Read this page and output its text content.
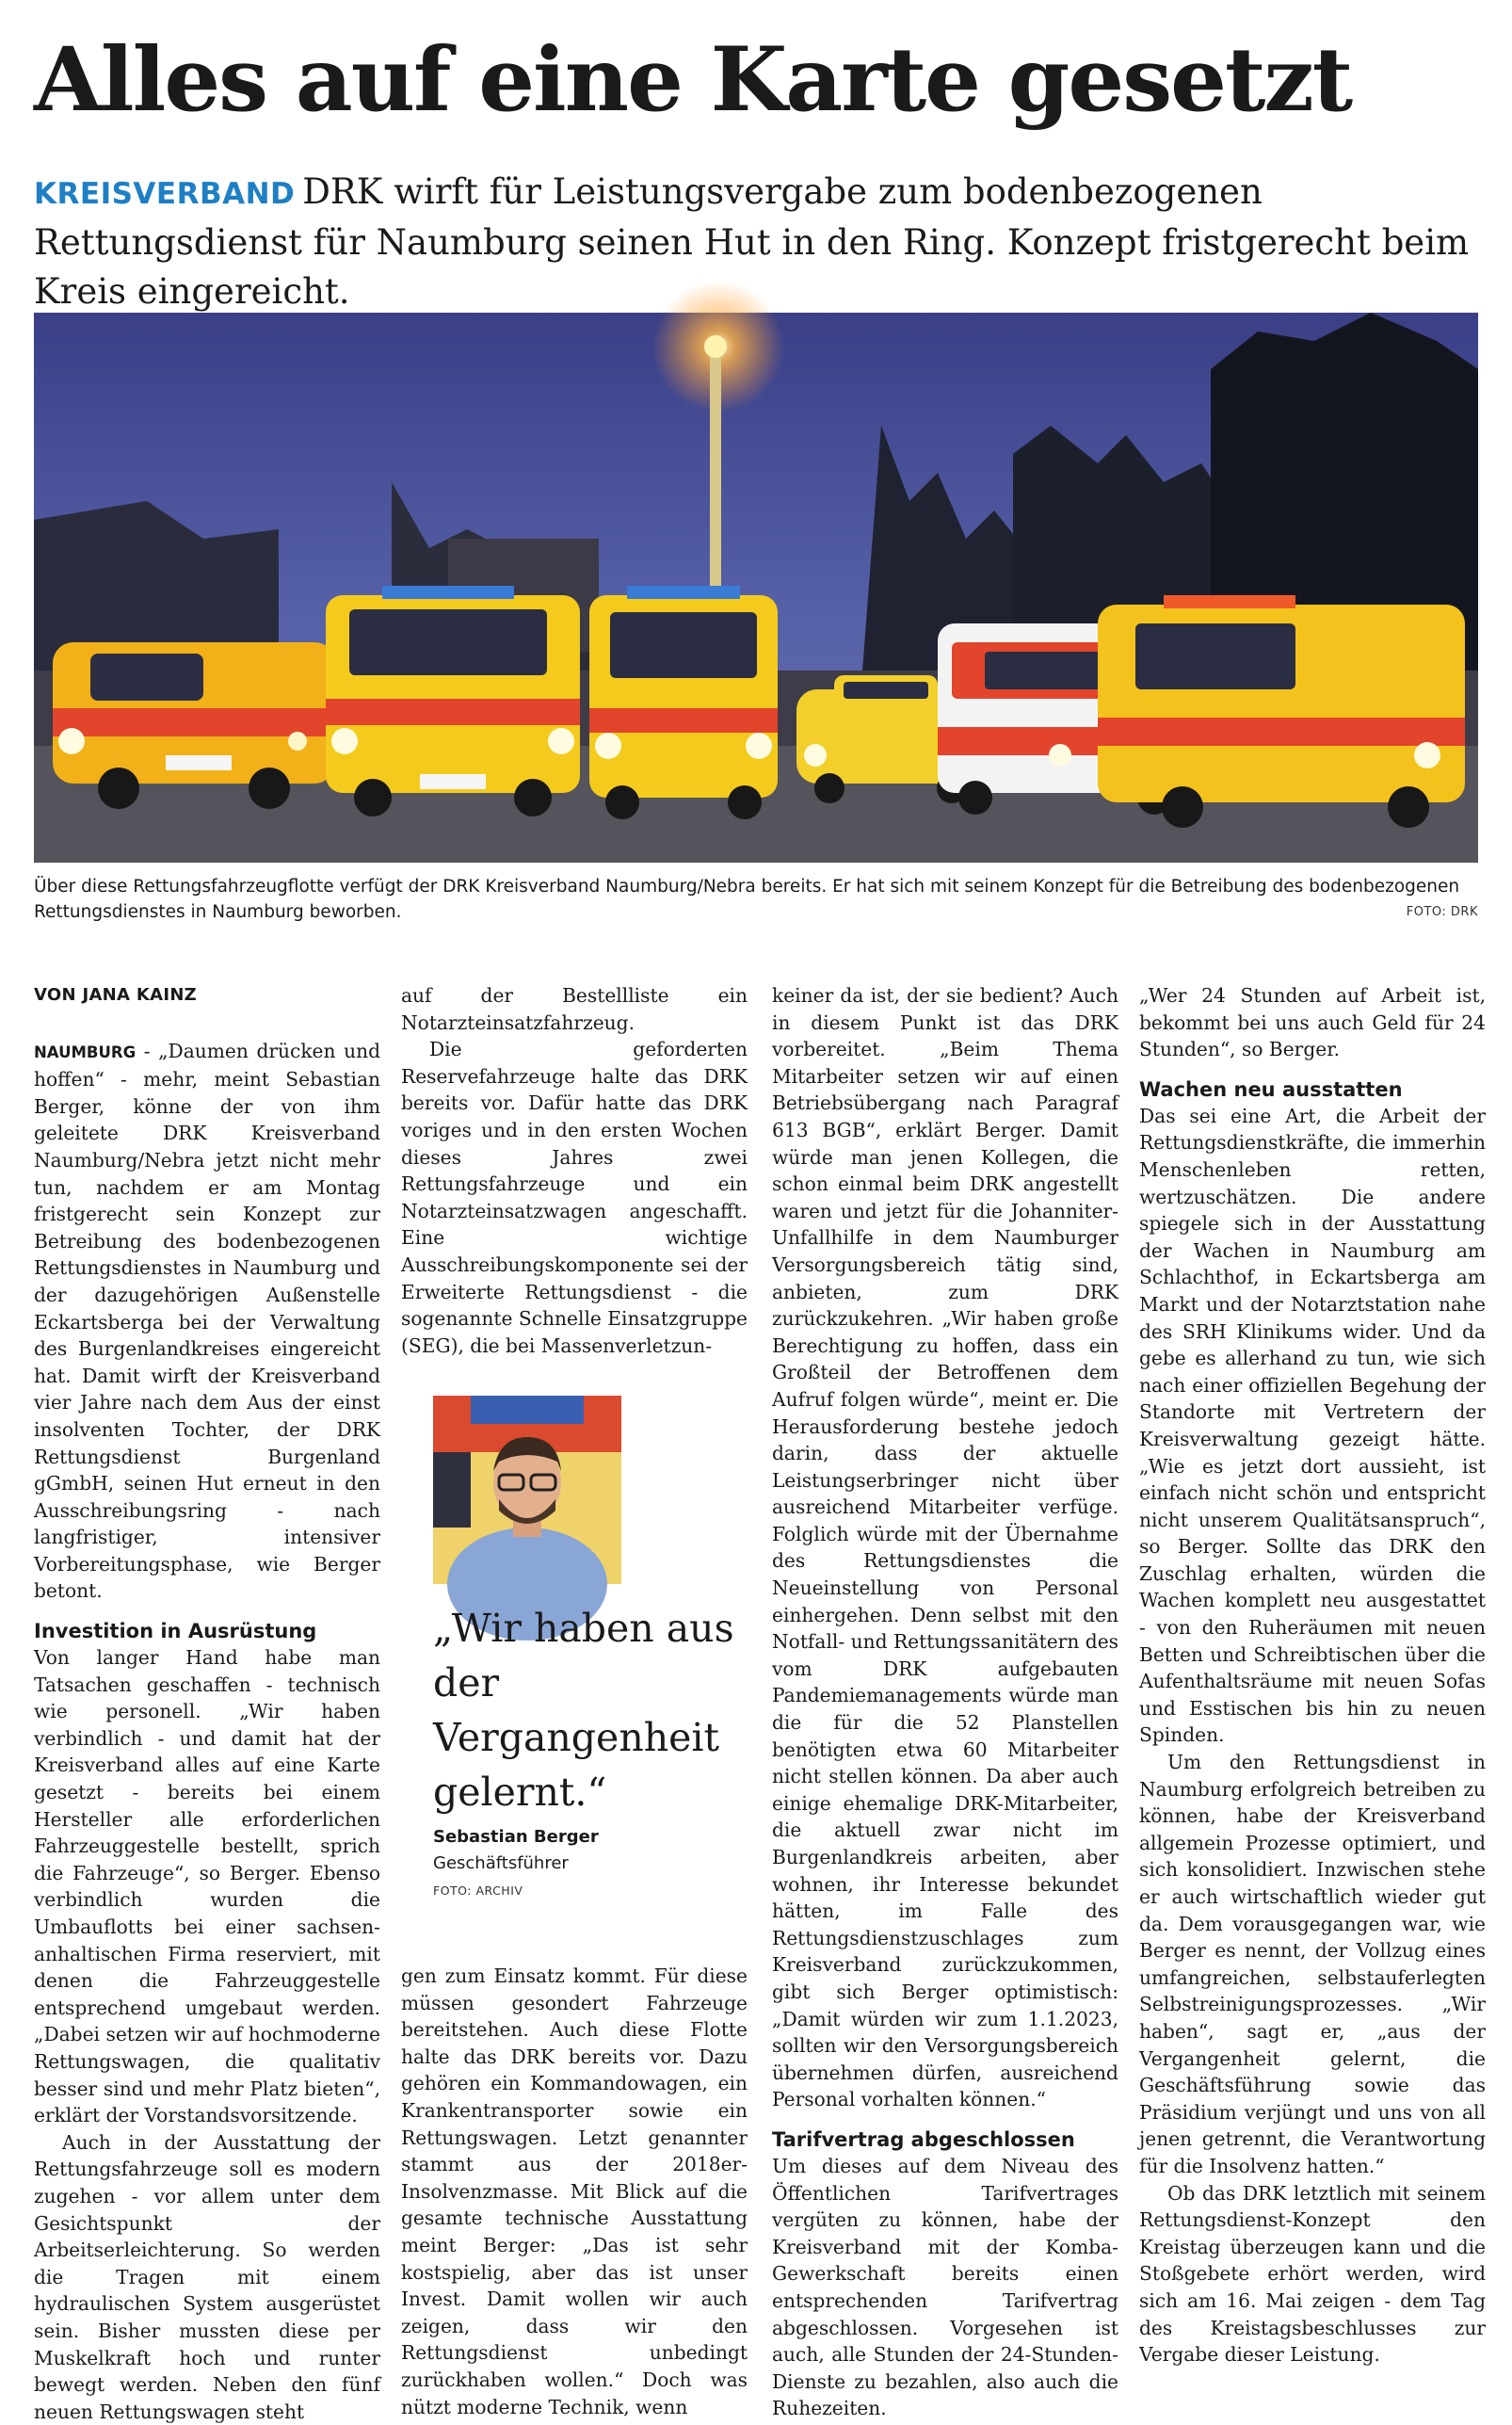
Alles auf eine Karte gesetzt
KREISVERBAND DRK wirft für Leistungsvergabe zum bodenbezogenen Rettungsdienst für Naumburg seinen Hut in den Ring. Konzept fristgerecht beim Kreis eingereicht.
Über diese Rettungsfahrzeugflotte verfügt der DRK Kreisverband Naumburg/Nebra bereits. Er hat sich mit seinem Konzept für die Betreibung des bodenbezogenen Rettungsdienstes in Naumburg beworben.	FOTO: DRK
VON JANA KAINZ

NAUMBURG - „Daumen drücken und hoffen“ - mehr, meint Sebastian Berger, könne der von ihm geleitete DRK Kreisverband Naumburg/Nebra jetzt nicht mehr tun, nachdem er am Montag fristgerecht sein Konzept zur Betreibung des bodenbezogenen Rettungsdienstes in Naumburg und der dazugehörigen Außenstelle Eckartsberga bei der Verwaltung des Burgenlandkreises eingereicht hat. Damit wirft der Kreisverband vier Jahre nach dem Aus der einst insolventen Tochter, der DRK Rettungsdienst Burgenland gGmbH, seinen Hut erneut in den Ausschreibungsring - nach langfristiger, intensiver Vorbereitungsphase, wie Berger betont.

Investition in Ausrüstung

Von langer Hand habe man Tatsachen geschaffen - technisch wie personell. „Wir haben verbindlich - und damit hat der Kreisverband alles auf eine Karte gesetzt - bereits bei einem Hersteller alle erforderlichen Fahrzeuggestelle bestellt, sprich die Fahrzeuge“, so Berger. Ebenso verbindlich wurden die Umbauflotts bei einer sachsen-anhaltischen Firma reserviert, mit denen die Fahrzeuggestelle entsprechend umgebaut werden. „Dabei setzen wir auf hochmoderne Rettungswagen, die qualitativ besser sind und mehr Platz bieten“, erklärt der Vorstandsvorsitzende.

Auch in der Ausstattung der Rettungsfahrzeuge soll es modern zugehen - vor allem unter dem Gesichtspunkt der Arbeitserleichterung. So werden die Tragen mit einem hydraulischen System ausgerüstet sein. Bisher mussten diese per Muskelkraft hoch und runter bewegt werden. Neben den fünf neuen Rettungswagen steht

auf der Bestellliste ein Notarzteinsatzfahrzeug.

Die geforderten Reservefahrzeuge halte das DRK bereits vor. Dafür hatte das DRK voriges und in den ersten Wochen dieses Jahres zwei Rettungsfahrzeuge und ein Notarzteinsatzwagen angeschafft. Eine wichtige Ausschreibungskomponente sei der Erweiterte Rettungsdienst - die sogenannte Schnelle Einsatzgruppe (SEG), die bei Massenverletzun-

„Wir haben aus der Vergangenheit gelernt.“
Sebastian Berger
Geschäftsführer
FOTO: ARCHIV

gen zum Einsatz kommt. Für diese müssen gesondert Fahrzeuge bereitstehen. Auch diese Flotte halte das DRK bereits vor. Dazu gehören ein Kommandowagen, ein Krankentransporter sowie ein Rettungswagen. Letzt genannter stammt aus der 2018er-Insolvenzmasse. Mit Blick auf die gesamte technische Ausstattung meint Berger: „Das ist sehr kostspielig, aber das ist unser Invest. Damit wollen wir auch zeigen, dass wir den Rettungsdienst unbedingt zurückhaben wollen.“ Doch was nützt moderne Technik, wenn

keiner da ist, der sie bedient? Auch in diesem Punkt ist das DRK vorbereitet. „Beim Thema Mitarbeiter setzen wir auf einen Betriebsübergang nach Paragraf 613 BGB“, erklärt Berger. Damit würde man jenen Kollegen, die schon einmal beim DRK angestellt waren und jetzt für die Johanniter-Unfallhilfe in dem Naumburger Versorgungsbereich tätig sind, anbieten, zum DRK zurückzukehren. „Wir haben große Berechtigung zu hoffen, dass ein Großteil der Betroffenen dem Aufruf folgen würde“, meint er. Die Herausforderung bestehe jedoch darin, dass der aktuelle Leistungserbringer nicht über ausreichend Mitarbeiter verfüge. Folglich würde mit der Übernahme des Rettungsdienstes die Neueinstellung von Personal einhergehen. Denn selbst mit den Notfall- und Rettungssanitätern des vom DRK aufgebauten Pandemiemanagements würde man die für die 52 Planstellen benötigten etwa 60 Mitarbeiter nicht stellen können. Da aber auch einige ehemalige DRK-Mitarbeiter, die aktuell zwar nicht im Burgenlandkreis arbeiten, aber wohnen, ihr Interesse bekundet hätten, im Falle des Rettungsdienstzuschlages zum Kreisverband zurückzukommen, gibt sich Berger optimistisch: „Damit würden wir zum 1.1.2023, sollten wir den Versorgungsbereich übernehmen dürfen, ausreichend Personal vorhalten können.“

Tarifvertrag abgeschlossen

Um dieses auf dem Niveau des Öffentlichen Tarifvertrages vergüten zu können, habe der Kreisverband mit der Komba-Gewerkschaft bereits einen entsprechenden Tarifvertrag abgeschlossen. Vorgesehen ist auch, alle Stunden der 24-Stunden-Dienste zu bezahlen, also auch die Ruhezeiten.

„Wer 24 Stunden auf Arbeit ist, bekommt bei uns auch Geld für 24 Stunden“, so Berger.

Wachen neu ausstatten

Das sei eine Art, die Arbeit der Rettungsdienstkräfte, die immerhin Menschenleben retten, wertzuschätzen. Die andere spiegele sich in der Ausstattung der Wachen in Naumburg am Schlachthof, in Eckartsberga am Markt und der Notarztstation nahe des SRH Klinikums wider. Und da gebe es allerhand zu tun, wie sich nach einer offiziellen Begehung der Standorte mit Vertretern der Kreisverwaltung gezeigt hätte. „Wie es jetzt dort aussieht, ist einfach nicht schön und entspricht nicht unserem Qualitätsanspruch“, so Berger. Sollte das DRK den Zuschlag erhalten, würden die Wachen komplett neu ausgestattet - von den Ruheräumen mit neuen Betten und Schreibtischen über die Aufenthaltsräume mit neuen Sofas und Esstischen bis hin zu neuen Spinden.

Um den Rettungsdienst in Naumburg erfolgreich betreiben zu können, habe der Kreisverband allgemein Prozesse optimiert, und sich konsolidiert. Inzwischen stehe er auch wirtschaftlich wieder gut da. Dem vorausgegangen war, wie Berger es nennt, der Vollzug eines umfangreichen, selbstauferlegten Selbstreinigungsprozesses. „Wir haben“, sagt er, „aus der Vergangenheit gelernt, die Geschäftsführung sowie das Präsidium verjüngt und uns von all jenen getrennt, die Verantwortung für die Insolvenz hatten.“

Ob das DRK letztlich mit seinem Rettungsdienst-Konzept den Kreistag überzeugen kann und die Stoßgebete erhört werden, wird sich am 16. Mai zeigen - dem Tag des Kreistagsbeschlusses zur Vergabe dieser Leistung.
